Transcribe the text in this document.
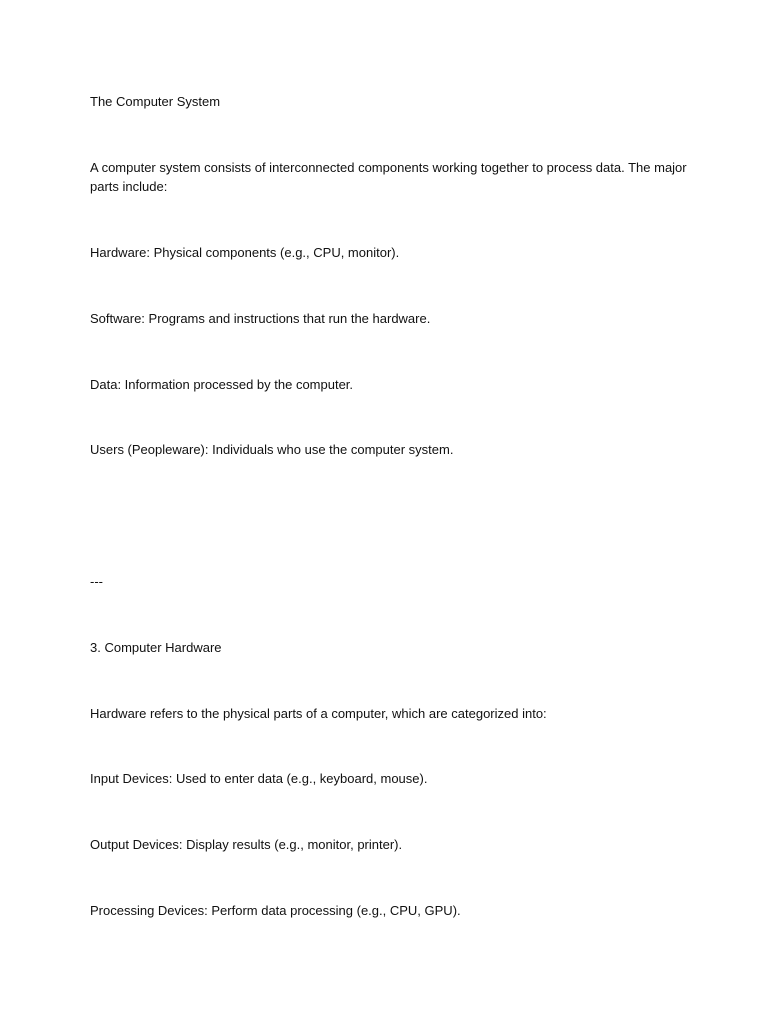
The Computer System
A computer system consists of interconnected components working together to process data. The major parts include:
Hardware: Physical components (e.g., CPU, monitor).
Software: Programs and instructions that run the hardware.
Data: Information processed by the computer.
Users (Peopleware): Individuals who use the computer system.
---
3. Computer Hardware
Hardware refers to the physical parts of a computer, which are categorized into:
Input Devices: Used to enter data (e.g., keyboard, mouse).
Output Devices: Display results (e.g., monitor, printer).
Processing Devices: Perform data processing (e.g., CPU, GPU).
